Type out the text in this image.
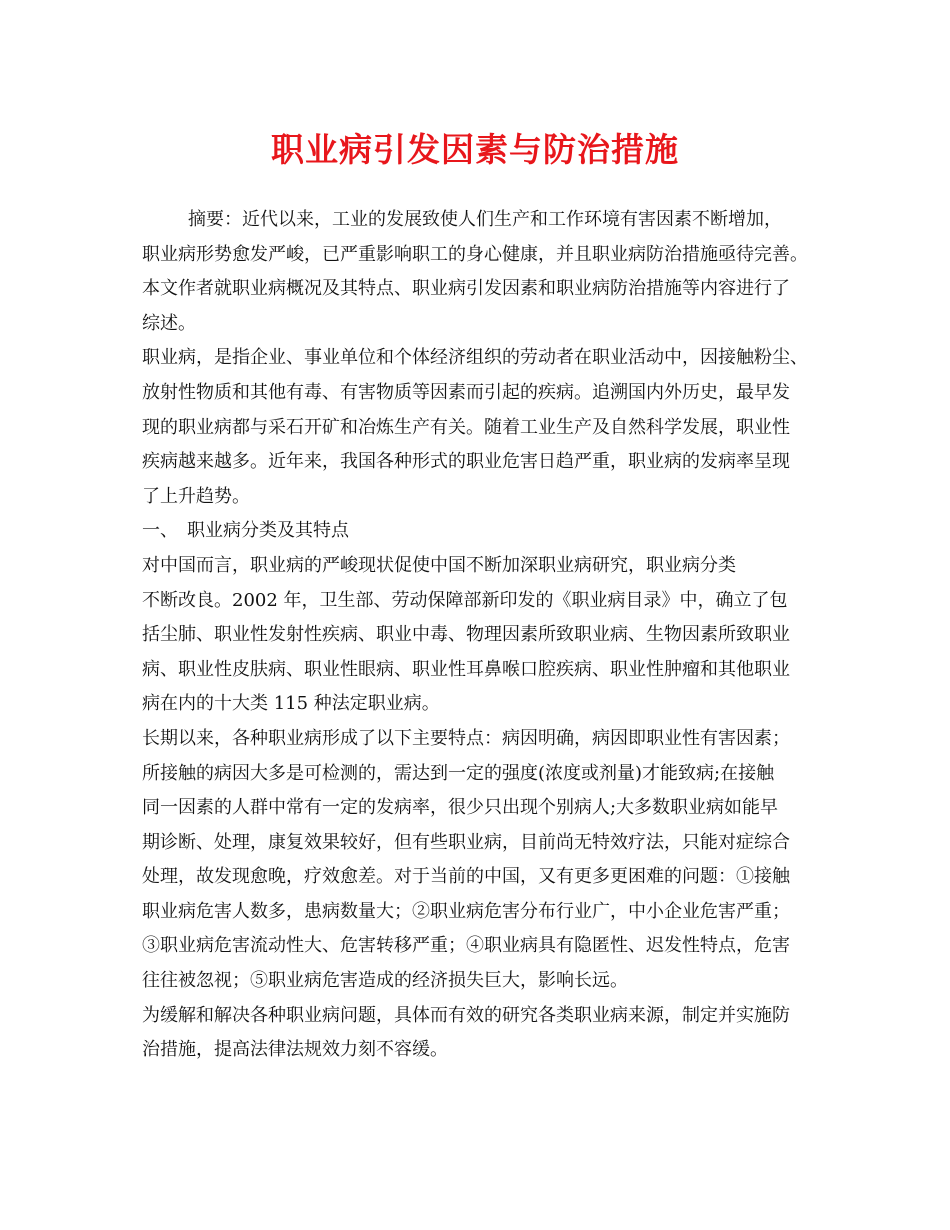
职业病引发因素与防治措施
摘要：近代以来，工业的发展致使人们生产和工作环境有害因素不断增加，
职业病形势愈发严峻，已严重影响职工的身心健康，并且职业病防治措施亟待完善。
本文作者就职业病概况及其特点、职业病引发因素和职业病防治措施等内容进行了
综述。
职业病，是指企业、事业单位和个体经济组织的劳动者在职业活动中，因接触粉尘、
放射性物质和其他有毒、有害物质等因素而引起的疾病。追溯国内外历史，最早发
现的职业病都与采石开矿和冶炼生产有关。随着工业生产及自然科学发展，职业性
疾病越来越多。近年来，我国各种形式的职业危害日趋严重，职业病的发病率呈现
了上升趋势。
一、 职业病分类及其特点
对中国而言，职业病的严峻现状促使中国不断加深职业病研究，职业病分类
不断改良。2002 年，卫生部、劳动保障部新印发的《职业病目录》中，确立了包
括尘肺、职业性发射性疾病、职业中毒、物理因素所致职业病、生物因素所致职业
病、职业性皮肤病、职业性眼病、职业性耳鼻喉口腔疾病、职业性肿瘤和其他职业
病在内的十大类 115 种法定职业病。
长期以来，各种职业病形成了以下主要特点：病因明确，病因即职业性有害因素；
所接触的病因大多是可检测的，需达到一定的强度(浓度或剂量)才能致病;在接触
同一因素的人群中常有一定的发病率，很少只出现个别病人;大多数职业病如能早
期诊断、处理，康复效果较好，但有些职业病，目前尚无特效疗法，只能对症综合
处理，故发现愈晚，疗效愈差。对于当前的中国，又有更多更困难的问题：①接触
职业病危害人数多，患病数量大；②职业病危害分布行业广，中小企业危害严重；
③职业病危害流动性大、危害转移严重；④职业病具有隐匿性、迟发性特点，危害
往往被忽视；⑤职业病危害造成的经济损失巨大，影响长远。
为缓解和解决各种职业病问题，具体而有效的研究各类职业病来源，制定并实施防
治措施，提高法律法规效力刻不容缓。
